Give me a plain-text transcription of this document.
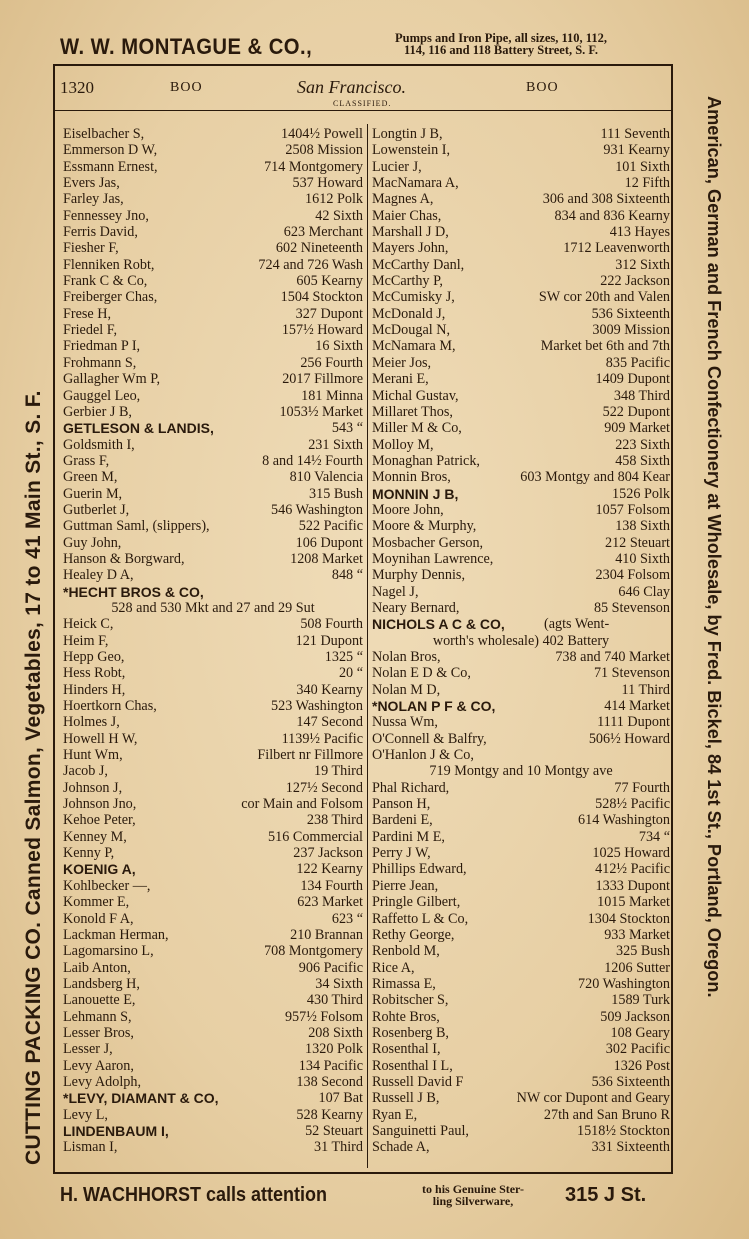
W. W. MONTAGUE & CO.,	Pumps and Iron Pipe, all sizes, 110, 112,
114, 116 and 118 Battery Street, S. F.
1320	BOO	San Francisco.	BOO
CLASSIFIED.
Eiselbacher S,	1404½ Powell
Emmerson D W,	2508 Mission
Essmann Ernest,	714 Montgomery
Evers Jas,	537 Howard
Farley Jas,	1612 Polk
Fennessey Jno,	42 Sixth
Ferris David,	623 Merchant
Fiesher F,	602 Nineteenth
Flenniken Robt,	724 and 726 Wash
Frank C & Co,	605 Kearny
Freiberger Chas,	1504 Stockton
Frese H,	327 Dupont
Friedel F,	157½ Howard
Friedman P I,	16 Sixth
Frohmann S,	256 Fourth
Gallagher Wm P,	2017 Fillmore
Gauggel Leo,	181 Minna
Gerbier J B,	1053½ Market
GETLESON & LANDIS,	543 “
Goldsmith I,	231 Sixth
Grass F,	8 and 14½ Fourth
Green M,	810 Valencia
Guerin M,	315 Bush
Gutberlet J,	546 Washington
Guttman Saml, (slippers),	522 Pacific
Guy John,	106 Dupont
Hanson & Borgward,	1208 Market
Healey D A,	848 “
*HECHT BROS & CO,
528 and 530 Mkt and 27 and 29 Sut
Heick C,	508 Fourth
Heim F,	121 Dupont
Hepp Geo,	1325 “
Hess Robt,	20 “
Hinders H,	340 Kearny
Hoertkorn Chas,	523 Washington
Holmes J,	147 Second
Howell H W,	1139½ Pacific
Hunt Wm,	Filbert nr Fillmore
Jacob J,	19 Third
Johnson J,	127½ Second
Johnson Jno,	cor Main and Folsom
Kehoe Peter,	238 Third
Kenney M,	516 Commercial
Kenny P,	237 Jackson
KOENIG A,	122 Kearny
Kohlbecker —,	134 Fourth
Kommer E,	623 Market
Konold F A,	623 “
Lackman Herman,	210 Brannan
Lagomarsino L,	708 Montgomery
Laib Anton,	906 Pacific
Landsberg H,	34 Sixth
Lanouette E,	430 Third
Lehmann S,	957½ Folsom
Lesser Bros,	208 Sixth
Lesser J,	1320 Polk
Levy Aaron,	134 Pacific
Levy Adolph,	138 Second
*LEVY, DIAMANT & CO,	107 Bat
Levy L,	528 Kearny
LINDENBAUM I,	52 Steuart
Lisman I,	31 Third
Longtin J B,	111 Seventh
Lowenstein I,	931 Kearny
Lucier J,	101 Sixth
MacNamara A,	12 Fifth
Magnes A,	306 and 308 Sixteenth
Maier Chas,	834 and 836 Kearny
Marshall J D,	413 Hayes
Mayers John,	1712 Leavenworth
McCarthy Danl,	312 Sixth
McCarthy P,	222 Jackson
McCumisky J,	SW cor 20th and Valen
McDonald J,	536 Sixteenth
McDougal N,	3009 Mission
McNamara M,	Market bet 6th and 7th
Meier Jos,	835 Pacific
Merani E,	1409 Dupont
Michal Gustav,	348 Third
Millaret Thos,	522 Dupont
Miller M & Co,	909 Market
Molloy M,	223 Sixth
Monaghan Patrick,	458 Sixth
Monnin Bros,	603 Montgy and 804 Kear
MONNIN J B,	1526 Polk
Moore John,	1057 Folsom
Moore & Murphy,	138 Sixth
Mosbacher Gerson,	212 Steuart
Moynihan Lawrence,	410 Sixth
Murphy Dennis,	2304 Folsom
Nagel J,	646 Clay
Neary Bernard,	85 Stevenson
NICHOLS A C & CO,	(agts Went-
worth's wholesale) 402 Battery
Nolan Bros,	738 and 740 Market
Nolan E D & Co,	71 Stevenson
Nolan M D,	11 Third
*NOLAN P F & CO,	414 Market
Nussa Wm,	1111 Dupont
O'Connell & Balfry,	506½ Howard
O'Hanlon J & Co,
719 Montgy and 10 Montgy ave
Phal Richard,	77 Fourth
Panson H,	528½ Pacific
Bardeni E,	614 Washington
Pardini M E,	734 “
Perry J W,	1025 Howard
Phillips Edward,	412½ Pacific
Pierre Jean,	1333 Dupont
Pringle Gilbert,	1015 Market
Raffetto L & Co,	1304 Stockton
Rethy George,	933 Market
Renbold M,	325 Bush
Rice A,	1206 Sutter
Rimassa E,	720 Washington
Robitscher S,	1589 Turk
Rohte Bros,	509 Jackson
Rosenberg B,	108 Geary
Rosenthal I,	302 Pacific
Rosenthal I L,	1326 Post
Russell David F	536 Sixteenth
Russell J B,	NW cor Dupont and Geary
Ryan E,	27th and San Bruno R
Sanguinetti Paul,	1518½ Stockton
Schade A,	331 Sixteenth
CUTTING PACKING CO. Canned Salmon, Vegetables, 17 to 41 Main St., S. F.	American, German and French Confectionery at Wholesale, by Fred. Bickel, 84 1st St., Portland, Oregon.
H. WACHHORST calls attention	to his Genuine Ster-
ling Silverware,	315 J St.
